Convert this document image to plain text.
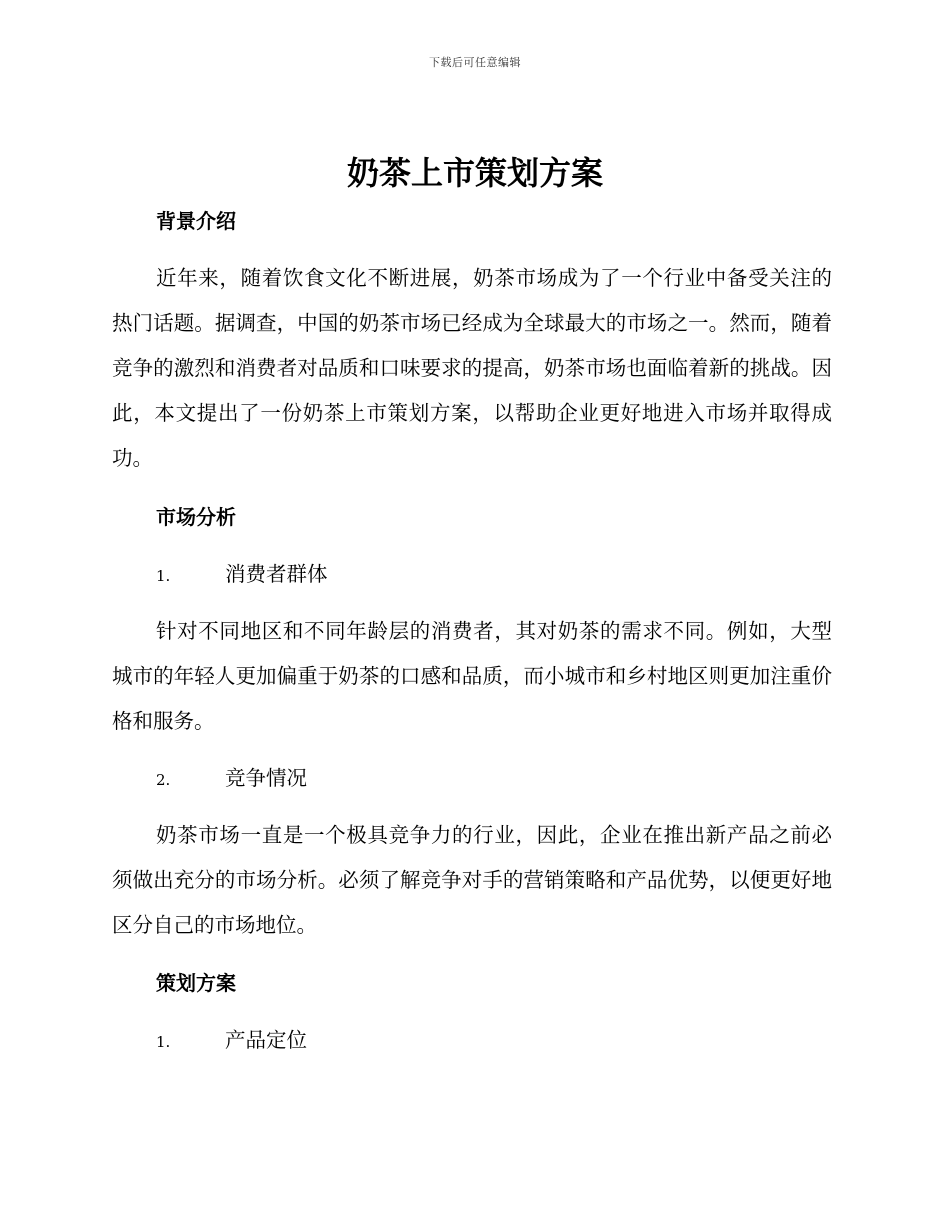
下载后可任意编辑
奶茶上市策划方案
背景介绍

近年来，随着饮食文化不断进展，奶茶市场成为了一个行业中备受关注的热门话题。据调查，中国的奶茶市场已经成为全球最大的市场之一。然而，随着竞争的激烈和消费者对品质和口味要求的提高，奶茶市场也面临着新的挑战。因此，本文提出了一份奶茶上市策划方案，以帮助企业更好地进入市场并取得成功。

市场分析
1.	消费者群体

针对不同地区和不同年龄层的消费者，其对奶茶的需求不同。例如，大型城市的年轻人更加偏重于奶茶的口感和品质，而小城市和乡村地区则更加注重价格和服务。

2.	竞争情况

奶茶市场一直是一个极具竞争力的行业，因此，企业在推出新产品之前必须做出充分的市场分析。必须了解竞争对手的营销策略和产品优势，以便更好地区分自己的市场地位。

策划方案
1.	产品定位
